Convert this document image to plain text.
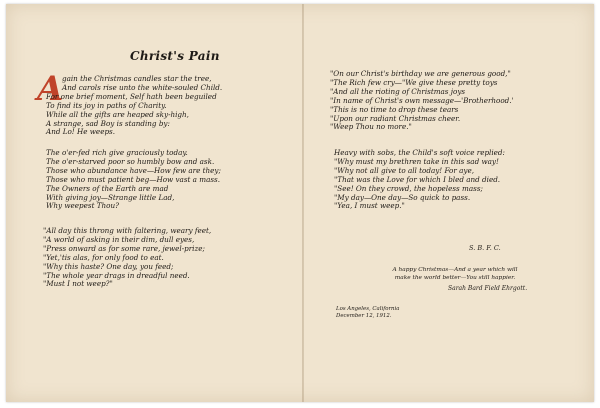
Christ's Pain
A
gain the Christmas candles star the tree,
And carols rise unto the white-souled Child.
For one brief moment, Self hath been beguiled
To find its joy in paths of Charity.
While all the gifts are heaped sky-high,
A strange, sad Boy is standing by:
And Lo! He weeps.
The o'er-fed rich give graciously today.
The o'er-starved poor so humbly bow and ask.
Those who abundance have—How few are they;
Those who must patient beg—How vast a mass.
The Owners of the Earth are mad
With giving joy—Strange little Lad,
Why weepest Thou?
"All day this throng with faltering, weary feet,
"A world of asking in their dim, dull eyes,
"Press onward as for some rare, jewel-prize;
"Yet,'tis alas, for only food to eat.
"Why this haste? One day, you feed;
"The whole year drags in dreadful need.
"Must I not weep?"
"On our Christ's birthday we are generous good,"
"The Rich few cry—"We give these pretty toys
"And all the rioting of Christmas joys
"In name of Christ's own message—'Brotherhood.'
"This is no time to drop these tears
"Upon our radiant Christmas cheer.
"Weep Thou no more."
Heavy with sobs, the Child's soft voice replied:
"Why must my brethren take in this sad way!
"Why not all give to all today! For aye,
"That was the Love for which I bled and died.
"See! On they crowd, the hopeless mass;
"My day—One day—So quick to pass.
"Yea, I must weep."
S. B. F. C.
A happy Christmas—And a year which will
make the world better—You still happier.
Sarah Bard Field Ehrgott.
Los Angeles, California
December 12, 1912.
